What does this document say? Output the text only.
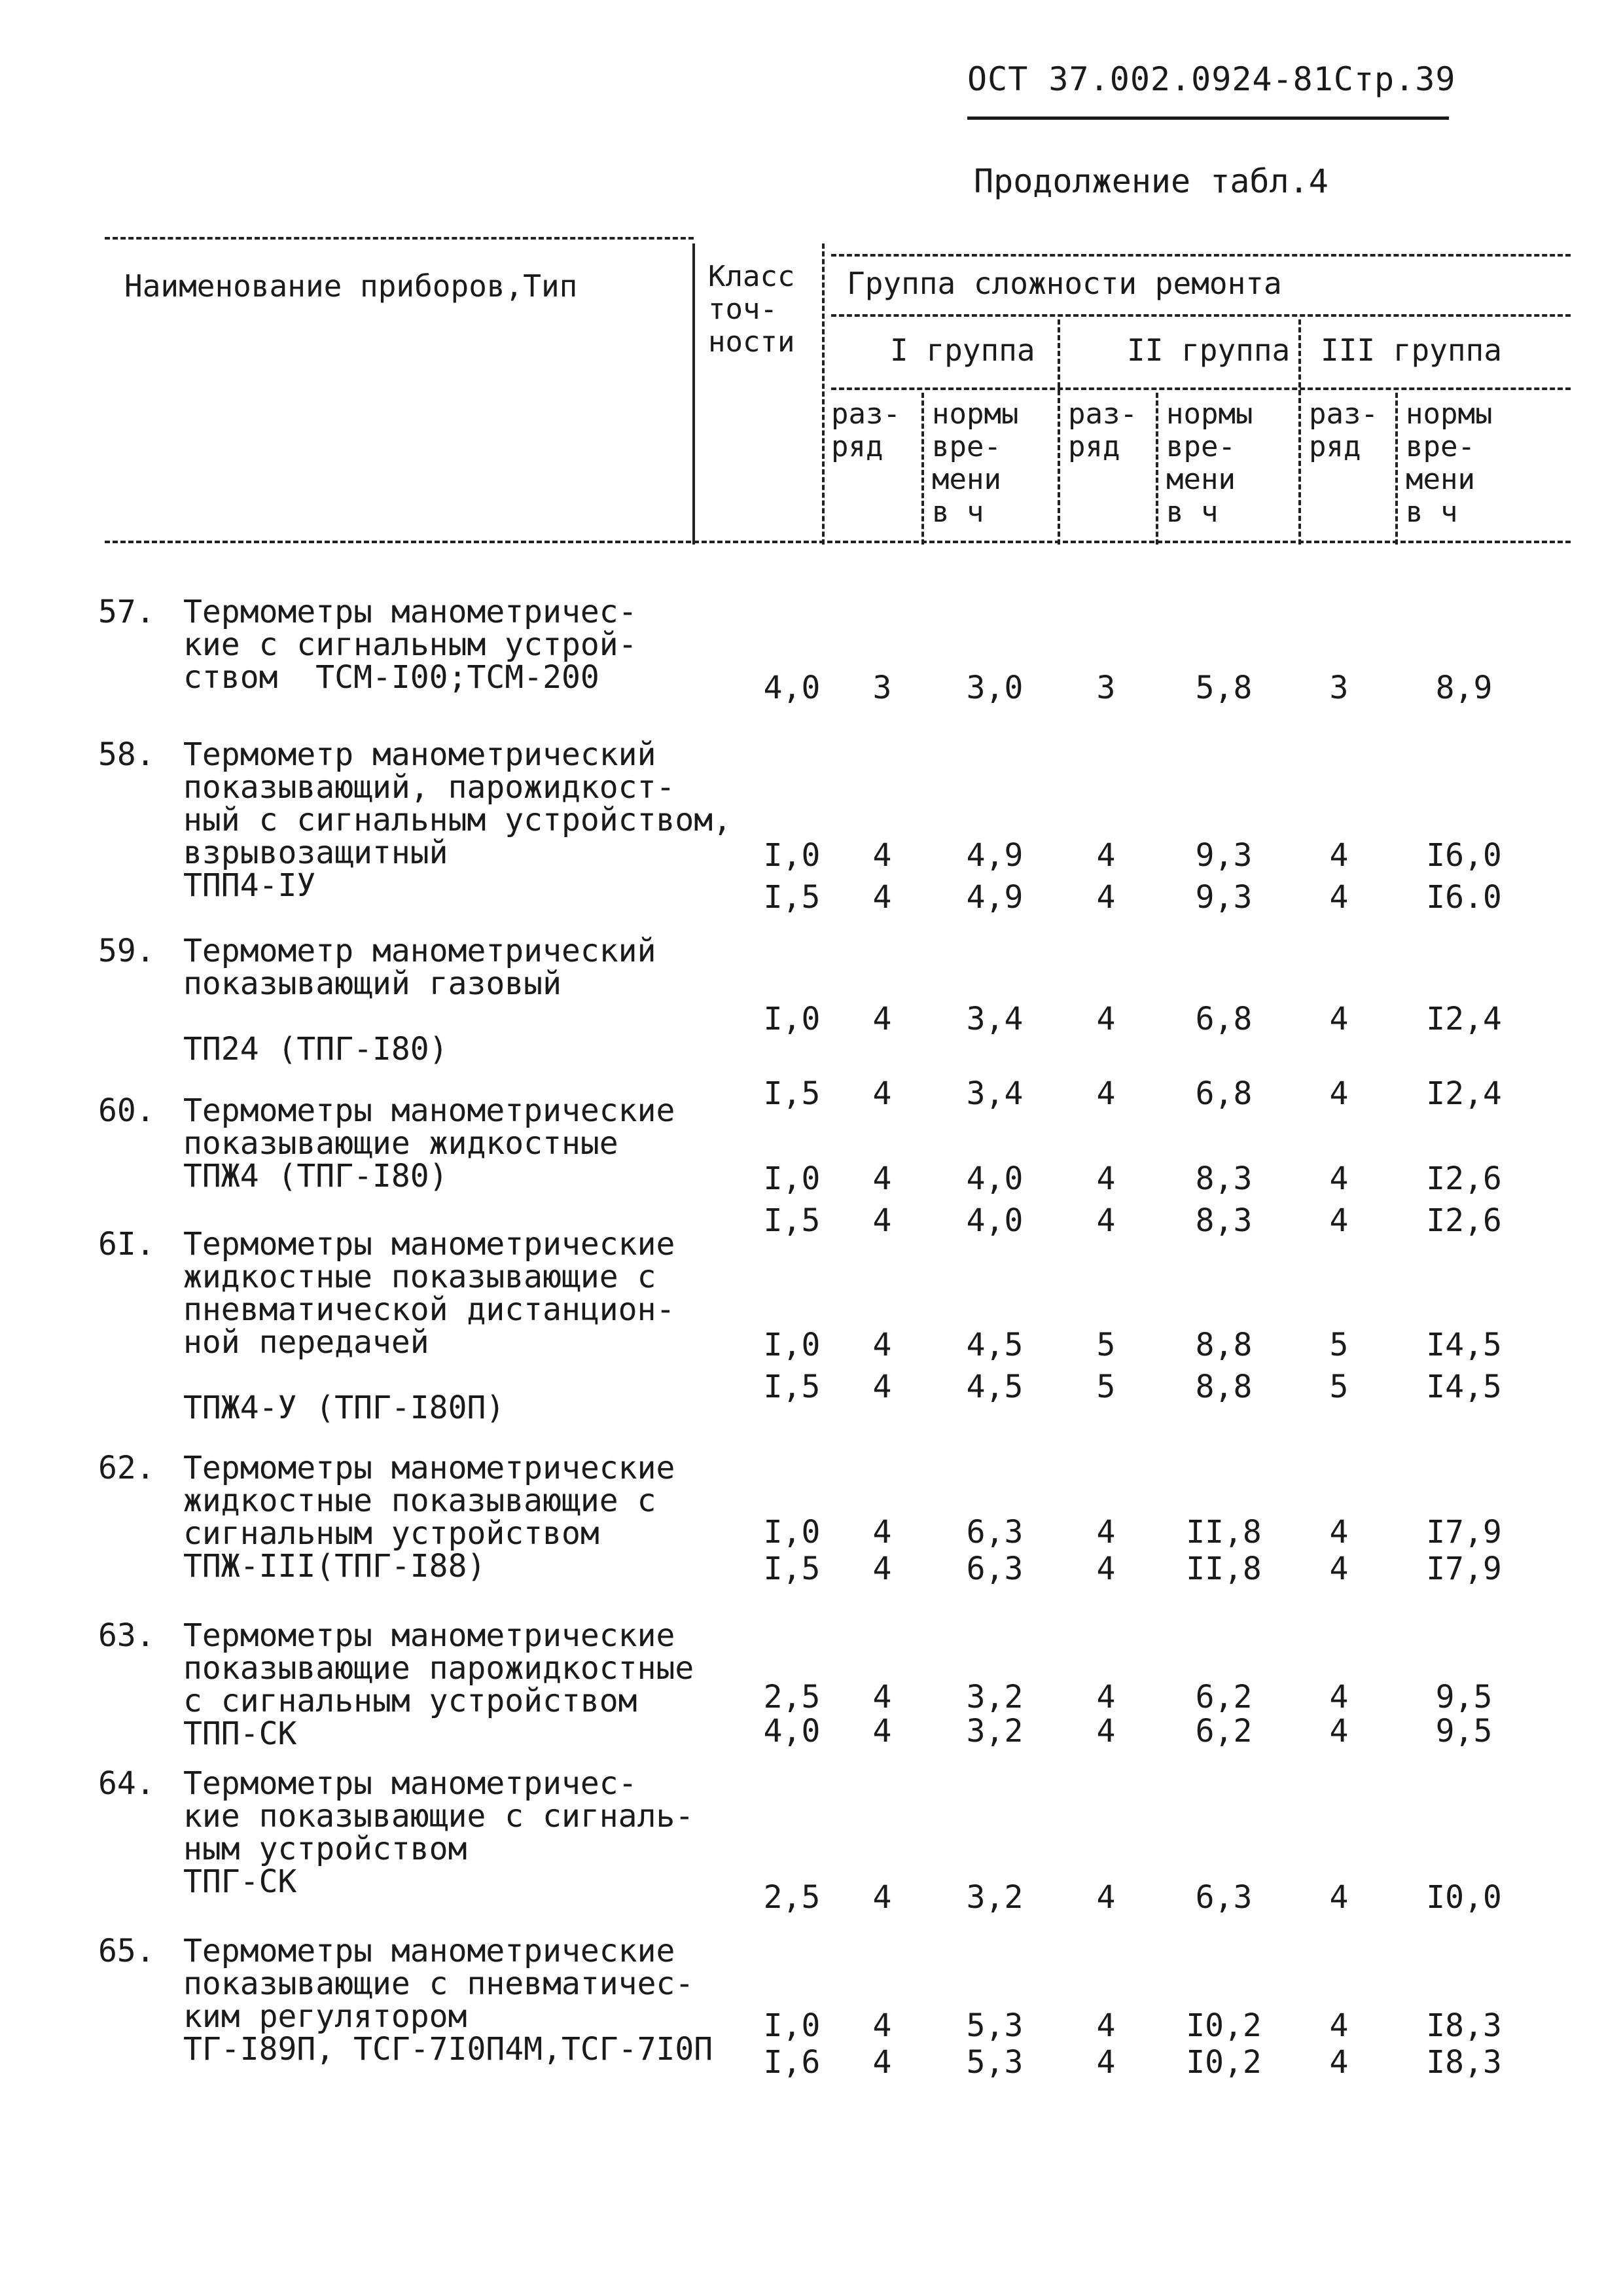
ОСТ 37.002.0924-81Стр.39
Продолжение табл.4
Наименование приборов,Тип	Класс
точ-
ности
Группа сложности ремонта
I группа	II группа III группа
раз-
ряд
нормы
вре-
мени
в ч
раз-
ряд
нормы
вре-
мени
в ч
раз-
ряд
нормы
вре-
мени
в ч
57. Термометры манометричес-
кие с сигнальным устрой-
ством  ТСМ-I00;ТСМ-200	4,0	3	3,0	3	5,8	3	8,9
58. Термометр манометрический
показывающий, парожидкост-
ный с сигнальным устройством,
взрывозащитный
ТПП4-IУ
I,0	4	4,9	4	9,3	4	I6,0
I,5	4	4,9	4	9,3	4	I6.0
59. Термометр манометрический
показывающий газовый

ТП24 (ТПГ-I80)
I,0	4	3,4	4	6,8	4	I2,4
I,5	4	3,4	4	6,8	4	I2,4
60. Термометры манометрические
показывающие жидкостные
ТПЖ4 (ТПГ-I80)	I,0	4	4,0	4	8,3	4	I2,6
I,5	4	4,0	4	8,3	4	I2,6
6I. Термометры манометрические
жидкостные показывающие с
пневматической дистанцион-
ной передачей

ТПЖ4-У (ТПГ-I80П)
I,0	4	4,5	5	8,8	5	I4,5
I,5	4	4,5	5	8,8	5	I4,5
62. Термометры манометрические
жидкостные показывающие с
сигнальным устройством
ТПЖ-III(ТПГ-I88)
I,0	4	6,3	4	II,8	4	I7,9
I,5	4	6,3	4	II,8	4	I7,9
63. Термометры манометрические
показывающие парожидкостные
с сигнальным устройством
ТПП-СК
2,5	4	3,2	4	6,2	4	9,5
4,0	4	3,2	4	6,2	4	9,5
64. Термометры манометричес-
кие показывающие с сигналь-
ным устройством
ТПГ-СК	2,5	4	3,2	4	6,3	4	I0,0
65. Термометры манометрические
показывающие с пневматичес-
ким регулятором
ТГ-I89П, ТСГ-7I0П4М,ТСГ-7I0П
I,0	4	5,3	4	I0,2	4	I8,3
I,6	4	5,3	4	I0,2	4	I8,3
